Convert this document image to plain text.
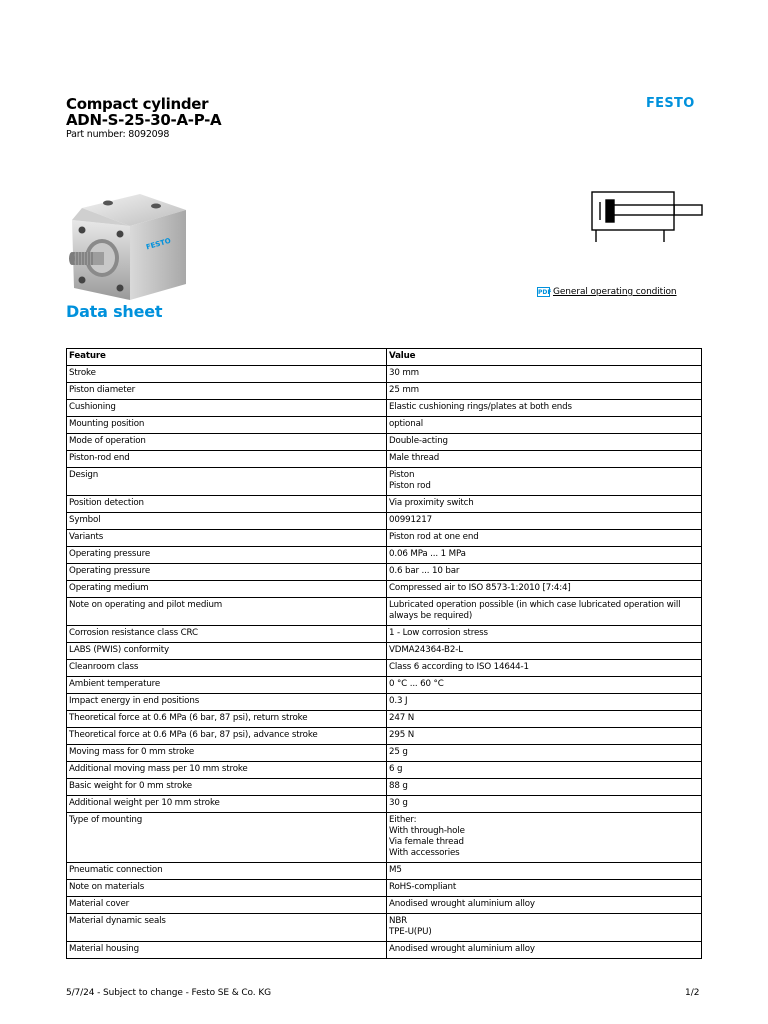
Compact cylinder
ADN-S-25-30-A-P-A
Part number: 8092098
FESTO
FESTO
PDF General operating condition
Data sheet
Feature	Value
Stroke	30 mm

Piston diameter	25 mm

Cushioning	Elastic cushioning rings/plates at both ends

Mounting position	optional

Mode of operation	Double-acting

Piston-rod end	Male thread

Design	Piston
Piston rod

Position detection	Via proximity switch

Symbol	00991217

Variants	Piston rod at one end

Operating pressure	0.06 MPa ... 1 MPa

Operating pressure	0.6 bar ... 10 bar

Operating medium	Compressed air to ISO 8573-1:2010 [7:4:4]

Note on operating and pilot medium	Lubricated operation possible (in which case lubricated operation will always be required)

Corrosion resistance class CRC	1 - Low corrosion stress

LABS (PWIS) conformity	VDMA24364-B2-L

Cleanroom class	Class 6 according to ISO 14644-1

Ambient temperature	0 °C ... 60 °C

Impact energy in end positions	0.3 J

Theoretical force at 0.6 MPa (6 bar, 87 psi), return stroke	247 N

Theoretical force at 0.6 MPa (6 bar, 87 psi), advance stroke	295 N

Moving mass for 0 mm stroke	25 g

Additional moving mass per 10 mm stroke	6 g

Basic weight for 0 mm stroke	88 g

Additional weight per 10 mm stroke	30 g

Type of mounting	Either:
With through-hole
Via female thread
With accessories

Pneumatic connection	M5

Note on materials	RoHS-compliant

Material cover	Anodised wrought aluminium alloy

Material dynamic seals	NBR
TPE-U(PU)

Material housing	Anodised wrought aluminium alloy
5/7/24 - Subject to change - Festo SE & Co. KG	1/2
